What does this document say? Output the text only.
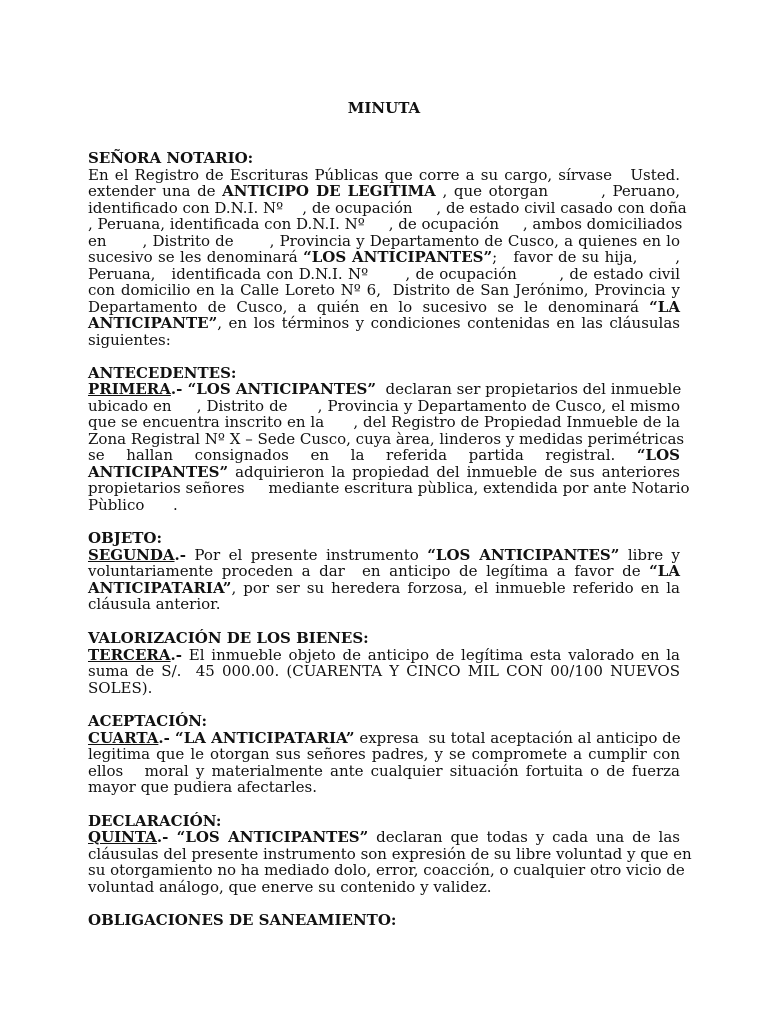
MINUTA
SEÑORA NOTARIO:
En el Registro de Escrituras Públicas que corre a su cargo, sírvase   Usted.
extender una de ANTICIPO DE LEGITIMA , que otorgan        , Peruano,
identificado con D.N.I. Nº    , de ocupación     , de estado civil casado con doña
, Peruana, identificada con D.N.I. Nº     , de ocupación     , ambos domiciliados
en       , Distrito de       , Provincia y Departamento de Cusco, a quienes en lo
sucesivo se les denominará “LOS ANTICIPANTES”;   favor de su hija,       ,
Peruana,   identificada con D.N.I. Nº       , de ocupación        , de estado civil
con domicilio en la Calle Loreto Nº 6,  Distrito de San Jerónimo, Provincia y
Departamento de Cusco, a quién en lo sucesivo se le denominará “LA
ANTICIPANTE”, en los términos y condiciones contenidas en las cláusulas
siguientes:
ANTECEDENTES:
PRIMERA.- “LOS ANTICIPANTES”  declaran ser propietarios del inmueble
ubicado en     , Distrito de      , Provincia y Departamento de Cusco, el mismo
que se encuentra inscrito en la      , del Registro de Propiedad Inmueble de la
Zona Registral Nº X – Sede Cusco, cuya àrea, linderos y medidas perimétricas
se   hallan   consignados   en   la   referida   partida   registral.   “LOS
ANTICIPANTES” adquirieron la propiedad del inmueble de sus anteriores
propietarios señores     mediante escritura pùblica, extendida por ante Notario
Pùblico      .
OBJETO:
SEGUNDA.- Por el presente instrumento “LOS ANTICIPANTES” libre y
voluntariamente proceden a dar  en anticipo de legítima a favor de “LA
ANTICIPATARIA”, por ser su heredera forzosa, el inmueble referido en la
cláusula anterior.
VALORIZACIÓN DE LOS BIENES:
TERCERA.- El inmueble objeto de anticipo de legítima esta valorado en la
suma de S/.  45 000.00. (CUARENTA Y CINCO MIL CON 00/100 NUEVOS
SOLES).
ACEPTACIÓN:
CUARTA.- “LA ANTICIPATARIA” expresa  su total aceptación al anticipo de
legitima que le otorgan sus señores padres, y se compromete a cumplir con
ellos   moral y materialmente ante cualquier situación fortuita o de fuerza
mayor que pudiera afectarles.
DECLARACIÓN:
QUINTA.- “LOS ANTICIPANTES” declaran que todas y cada una de las
cláusulas del presente instrumento son expresión de su libre voluntad y que en
su otorgamiento no ha mediado dolo, error, coacción, o cualquier otro vicio de
voluntad análogo, que enerve su contenido y validez.
OBLIGACIONES DE SANEAMIENTO:
